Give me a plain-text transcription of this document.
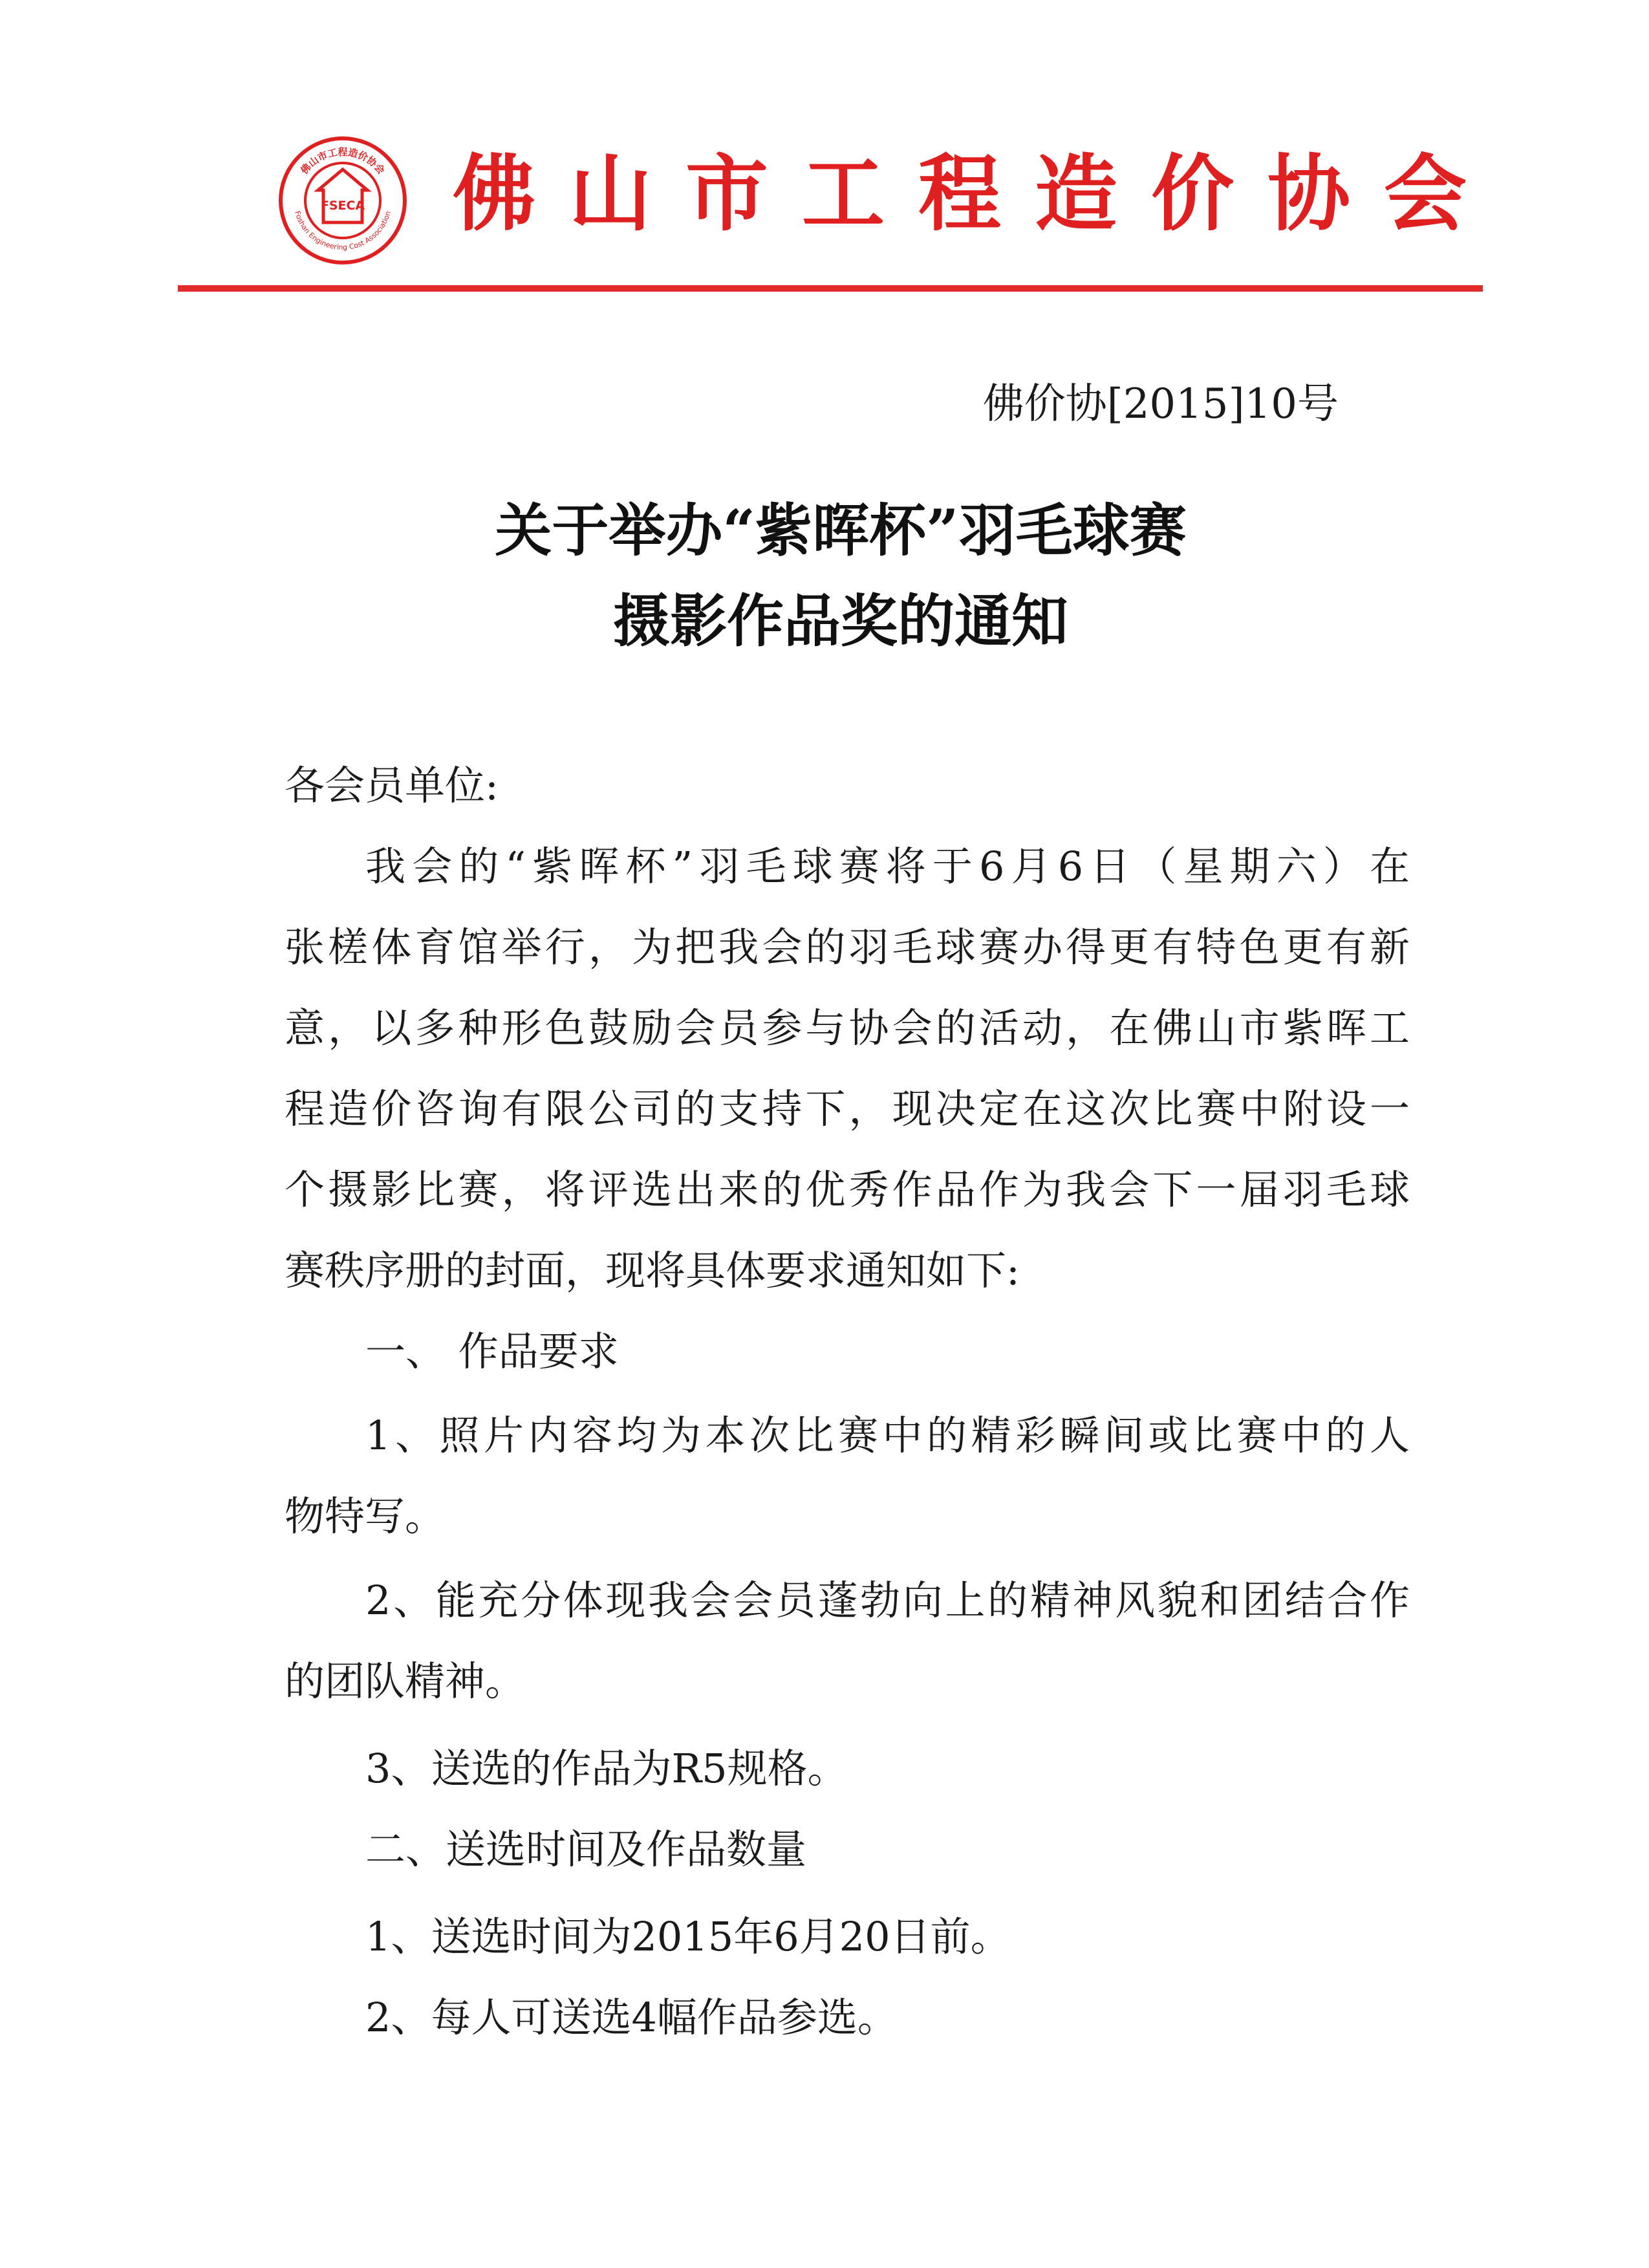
佛山市工程造价协会
Foshan Engineering Cost Association
FSECA 佛山市工程造价协会
佛价协[2015]10号
关于举办“紫晖杯”羽毛球赛
摄影作品奖的通知
各会员单位:
我会的“紫晖杯”羽毛球赛将于6月6日（星期六）在
张槎体育馆举行，为把我会的羽毛球赛办得更有特色更有新
意，以多种形色鼓励会员参与协会的活动，在佛山市紫晖工
程造价咨询有限公司的支持下，现决定在这次比赛中附设一
个摄影比赛，将评选出来的优秀作品作为我会下一届羽毛球
赛秩序册的封面，现将具体要求通知如下:
一、 作品要求
1、照片内容均为本次比赛中的精彩瞬间或比赛中的人
物特写。
2、能充分体现我会会员蓬勃向上的精神风貌和团结合作
的团队精神。
3、送选的作品为R5规格。
二、送选时间及作品数量
1、送选时间为2015年6月20日前。
2、每人可送选4幅作品参选。
